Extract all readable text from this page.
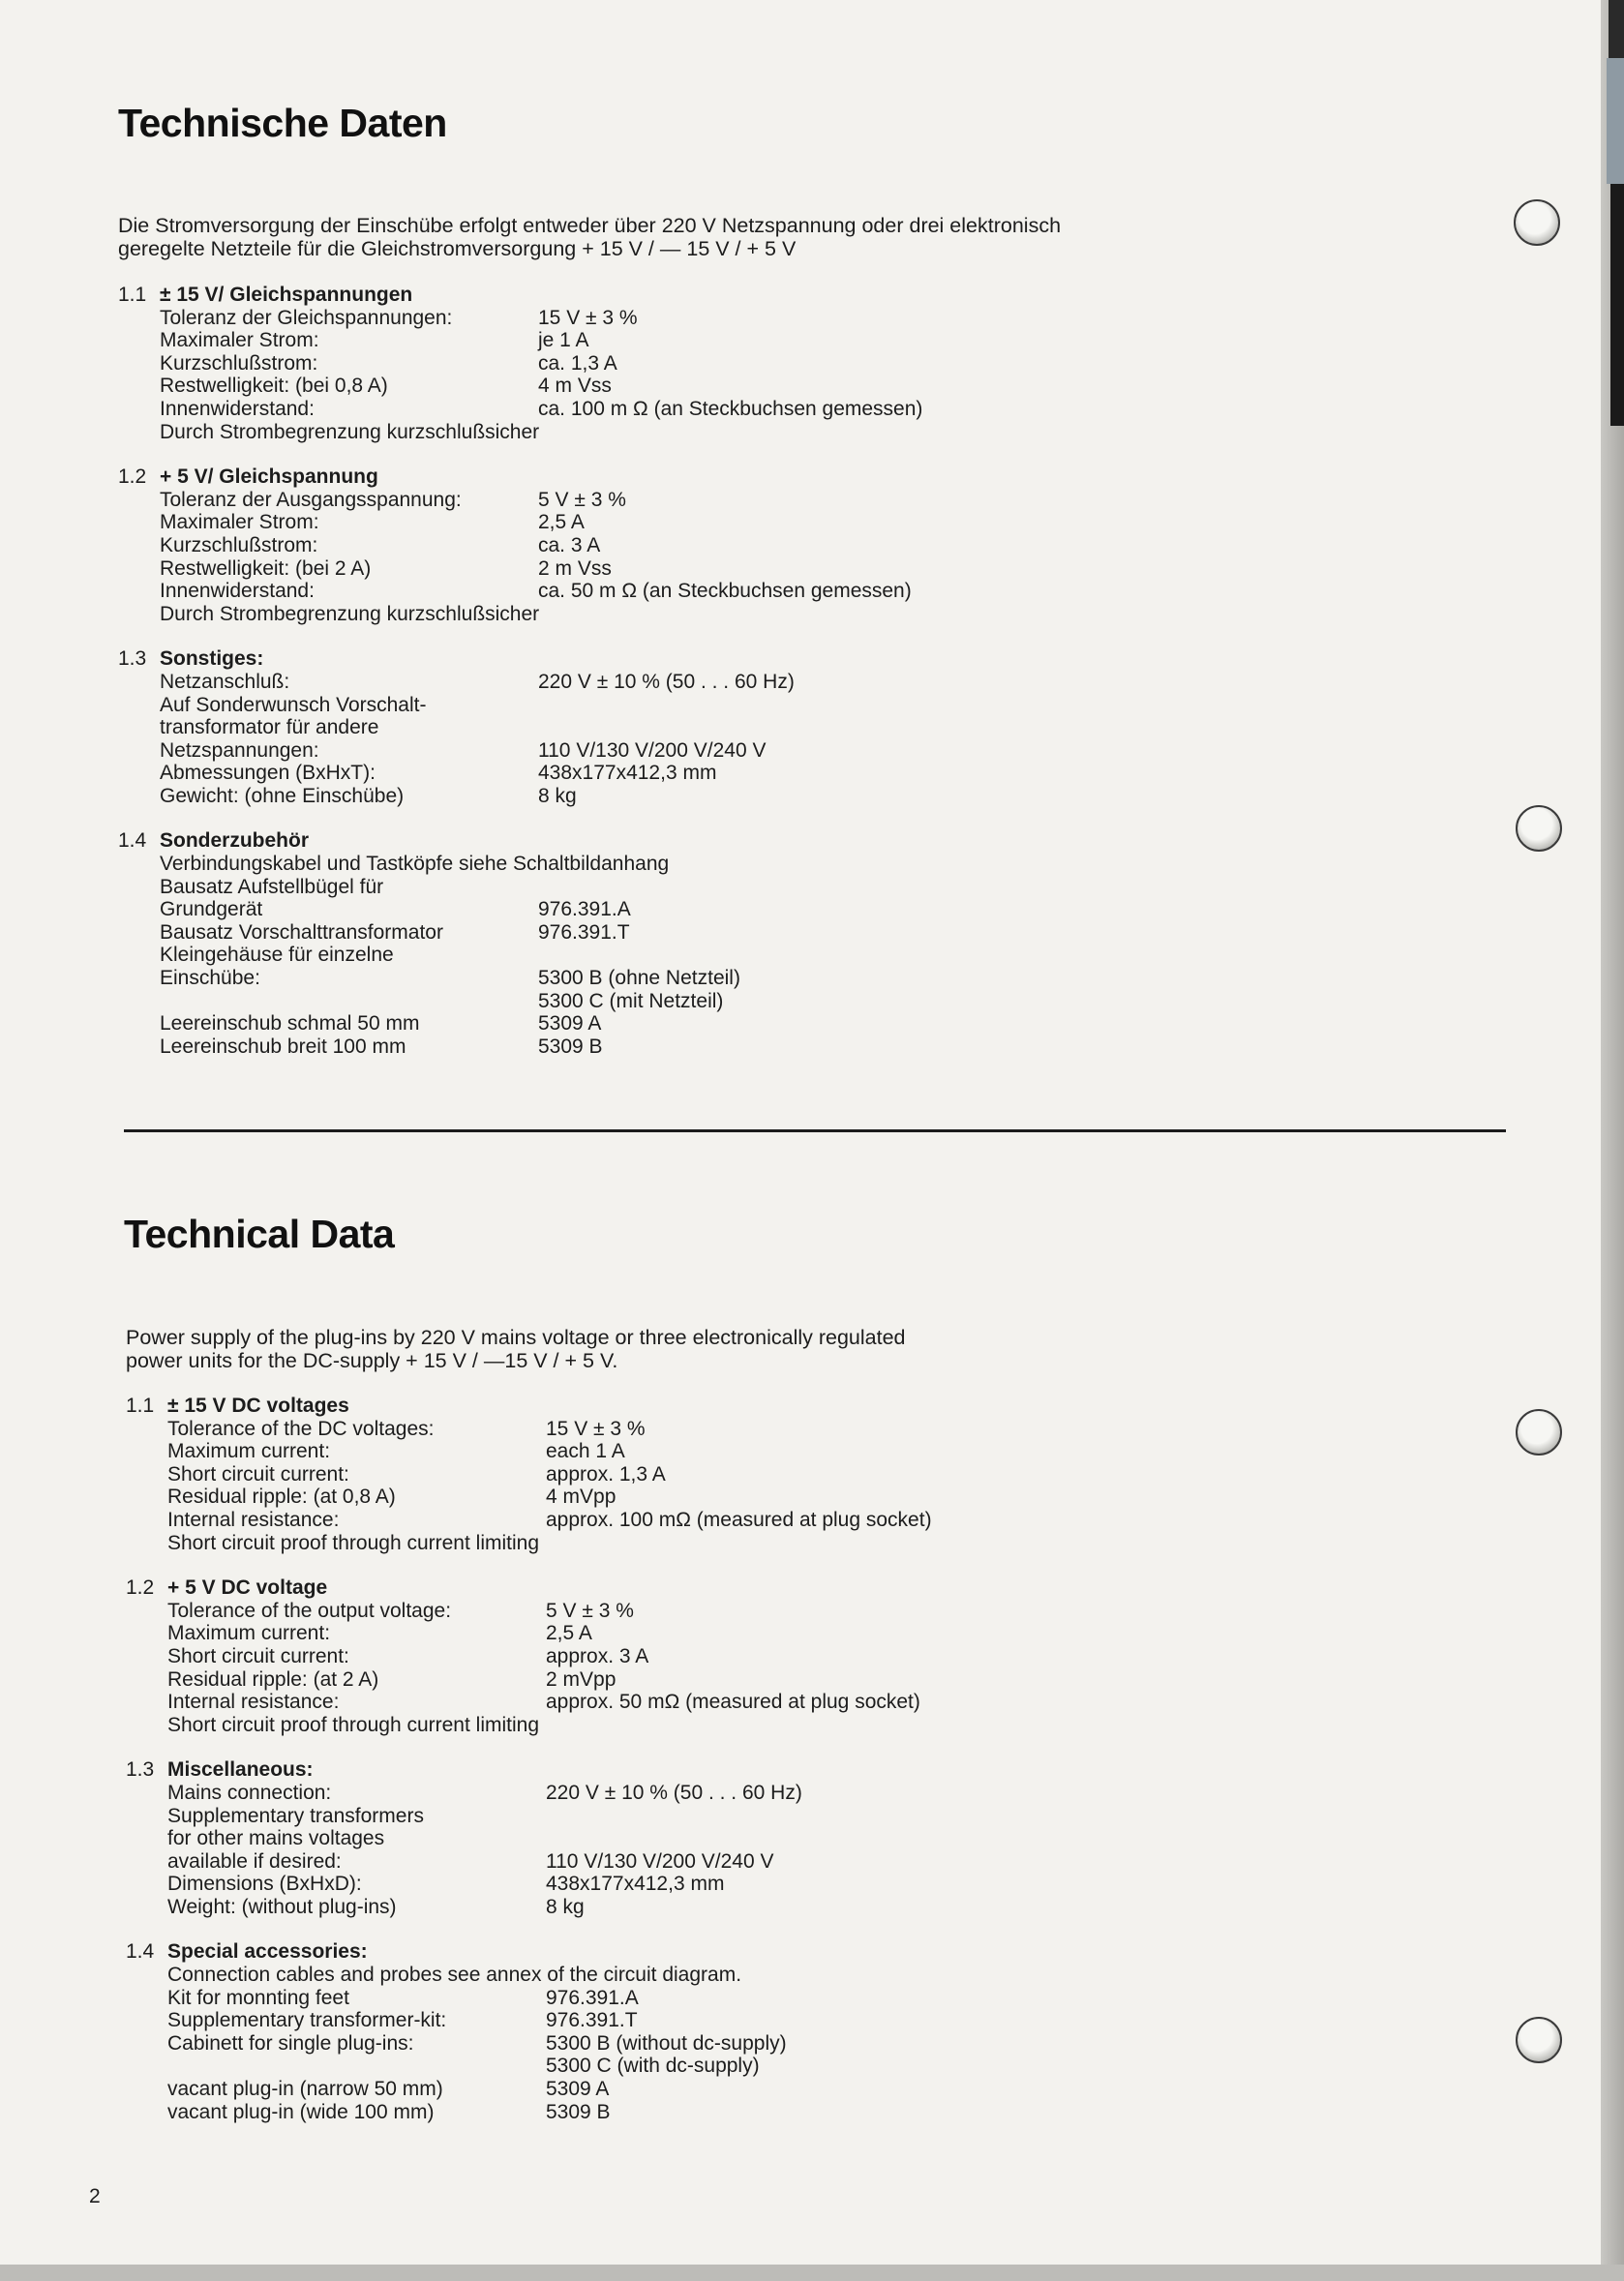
Technische Daten

Die Stromversorgung der Einschübe erfolgt entweder über 220 V Netzspannung oder drei elektronisch

geregelte Netzteile für die Gleichstromversorgung + 15 V / — 15 V / + 5 V

1.1 ± 15 V/ Gleichspannungen
Toleranz der Gleichspannungen:	15 V ± 3 %
Maximaler Strom:	je 1 A
Kurzschlußstrom:	ca. 1,3 A
Restwelligkeit: (bei 0,8 A)	4 m Vss
Innenwiderstand:	ca. 100 m Ω (an Steckbuchsen gemessen)
Durch Strombegrenzung kurzschlußsicher
1.2 + 5 V/ Gleichspannung
Toleranz der Ausgangsspannung:	5 V ± 3 %
Maximaler Strom:	2,5 A
Kurzschlußstrom:	ca. 3 A
Restwelligkeit: (bei 2 A)	2 m Vss
Innenwiderstand:	ca. 50 m Ω (an Steckbuchsen gemessen)
Durch Strombegrenzung kurzschlußsicher
1.3 Sonstiges:
Netzanschluß:	220 V ± 10 % (50 . . . 60 Hz)
Auf Sonderwunsch Vorschalt-
transformator für andere
Netzspannungen:	110 V/130 V/200 V/240 V
Abmessungen (BxHxT):	438x177x412,3 mm
Gewicht: (ohne Einschübe)	8 kg
1.4 Sonderzubehör
Verbindungskabel und Tastköpfe siehe Schaltbildanhang
Bausatz Aufstellbügel für
Grundgerät	976.391.A
Bausatz Vorschalttransformator	976.391.T
Kleingehäuse für einzelne
Einschübe:	5300 B (ohne Netzteil)
5300 C (mit Netzteil)
Leereinschub schmal 50 mm	5309 A
Leereinschub breit 100 mm	5309 B
Technical Data

Power supply of the plug-ins by 220 V mains voltage or three electronically regulated

power units for the DC-supply + 15 V / —15 V / + 5 V.

1.1 ± 15 V DC voltages
Tolerance of the DC voltages:	15 V ± 3 %
Maximum current:	each 1 A
Short circuit current:	approx. 1,3 A
Residual ripple: (at 0,8 A)	4 mVpp
Internal resistance:	approx. 100 mΩ (measured at plug socket)
Short circuit proof through current limiting
1.2 + 5 V DC voltage
Tolerance of the output voltage:	5 V ± 3 %
Maximum current:	2,5 A
Short circuit current:	approx. 3 A
Residual ripple: (at 2 A)	2 mVpp
Internal resistance:	approx. 50 mΩ (measured at plug socket)
Short circuit proof through current limiting
1.3 Miscellaneous:
Mains connection:	220 V ± 10 % (50 . . . 60 Hz)
Supplementary transformers
for other mains voltages
available if desired:	110 V/130 V/200 V/240 V
Dimensions (BxHxD):	438x177x412,3 mm
Weight: (without plug-ins)	8 kg
1.4 Special accessories:
Connection cables and probes see annex of the circuit diagram.
Kit for monnting feet	976.391.A
Supplementary transformer-kit:	976.391.T
Cabinett for single plug-ins:	5300 B (without dc-supply)
5300 C (with dc-supply)
vacant plug-in (narrow 50 mm)	5309 A
vacant plug-in (wide 100 mm)	5309 B
2
